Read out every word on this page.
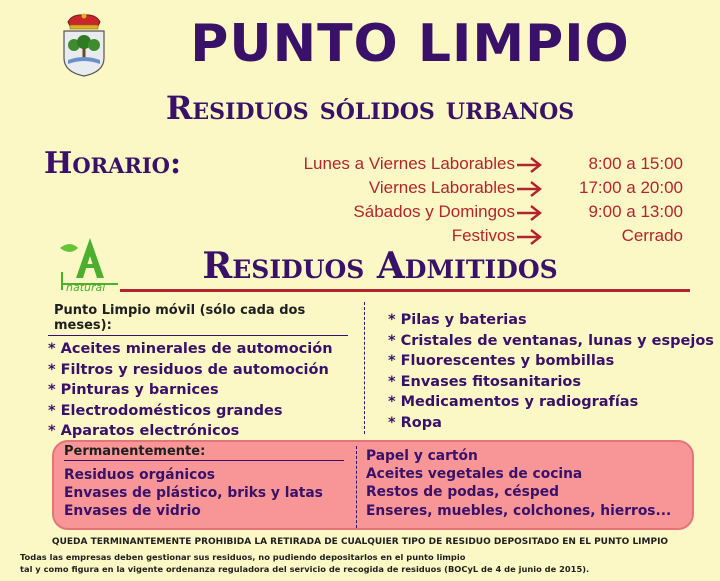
PUNTO LIMPIO
Residuos sólidos urbanos
Horario:	Lunes a Viernes Laborables	8:00 a 15:00
Viernes Laborables	17:00 a 20:00
Sábados y Domingos	9:00 a 13:00
Festivos	Cerrado
natural
Residuos Admitidos
Punto Limpio móvil (sólo cada dos meses):
* Aceites minerales de automoción
* Filtros y residuos de automoción
* Pinturas y barnices
* Electrodomésticos grandes
* Aparatos electrónicos
* Pilas y baterias
* Cristales de ventanas, lunas y espejos
* Fluorescentes y bombillas
* Envases fitosanitarios
* Medicamentos y radiografías
* Ropa
Permanentemente:
Residuos orgánicos
Envases de plástico, briks y latas
Envases de vidrio
Papel y cartón
Aceites vegetales de cocina
Restos de podas, césped
Enseres, muebles, colchones, hierros...
QUEDA TERMINANTEMENTE PROHIBIDA LA RETIRADA DE CUALQUIER TIPO DE RESIDUO DEPOSITADO EN EL PUNTO LIMPIO
Todas las empresas deben gestionar sus residuos, no pudiendo depositarlos en el punto limpio
tal y como figura en la vigente ordenanza reguladora del servicio de recogida de residuos (BOCyL de 4 de junio de 2015).
